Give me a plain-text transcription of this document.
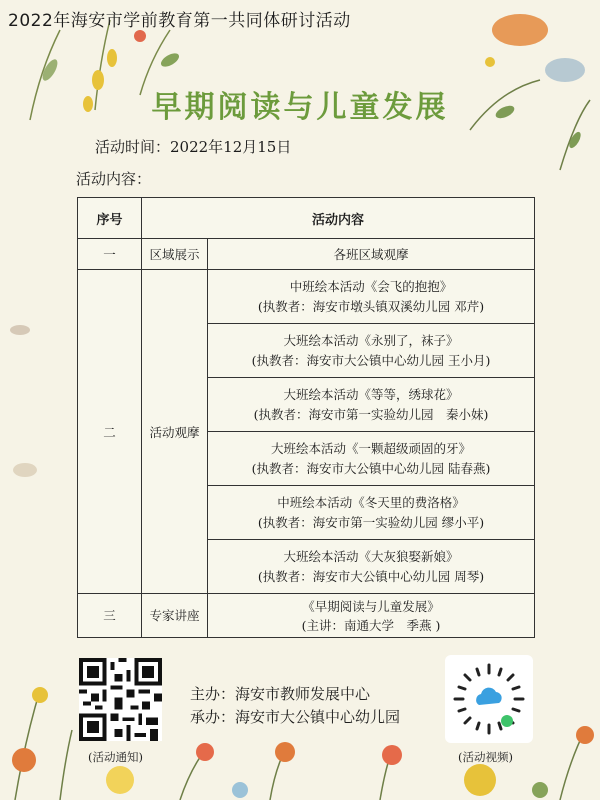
2022年海安市学前教育第一共同体研讨活动
早期阅读与儿童发展
活动时间：2022年12月15日
活动内容：
序号	活动内容	
一	区域展示	各班区域观摩
二	活动观摩	中班绘本活动《会飞的抱抱》
(执教者：海安市墩头镇双溪幼儿园 邓芹)

		大班绘本活动《永别了，袜子》
(执教者：海安市大公镇中心幼儿园 王小月)

		大班绘本活动《等等，绣球花》
(执教者：海安市第一实验幼儿园　秦小妹)

		大班绘本活动《一颗超级顽固的牙》
(执教者：海安市大公镇中心幼儿园 陆春燕)

		中班绘本活动《冬天里的费洛格》
(执教者：海安市第一实验幼儿园 缪小平)

		大班绘本活动《大灰狼娶新娘》
(执教者：海安市大公镇中心幼儿园 周琴)

三	专家讲座	《早期阅读与儿童发展》
(主讲：南通大学　季燕 )
(活动通知)
主办：海安市教师发展中心
承办：海安市大公镇中心幼儿园
(活动视频)
